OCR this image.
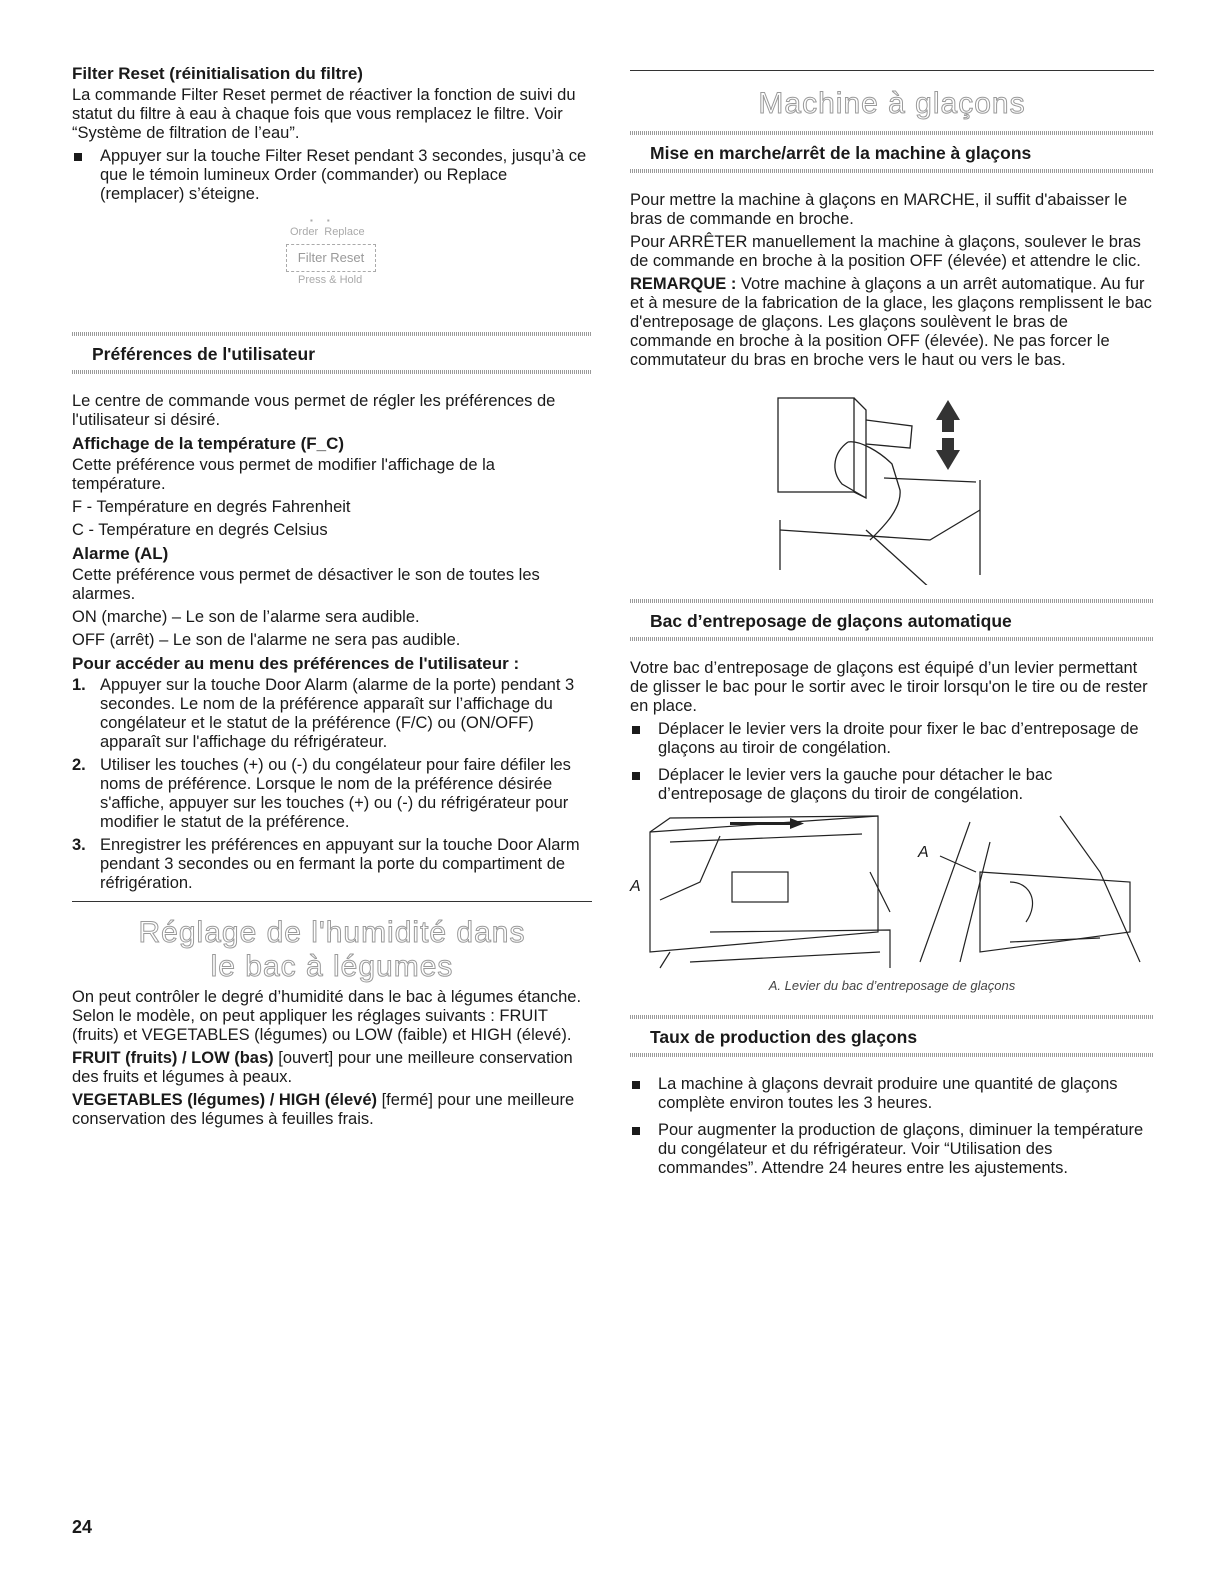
Filter Reset (réinitialisation du filtre)

La commande Filter Reset permet de réactiver la fonction de suivi du statut du filtre à eau à chaque fois que vous remplacez le filtre. Voir “Système de filtration de l’eau”.

Appuyer sur la touche Filter Reset pendant 3 secondes, jusqu’à ce que le témoin lumineux Order (commander) ou Replace (remplacer) s’éteigne.
▪▪
Order Replace
Filter Reset
Press & Hold
Préférences de l'utilisateur

Le centre de commande vous permet de régler les préférences de l'utilisateur si désiré.

Affichage de la température (F_C)

Cette préférence vous permet de modifier l'affichage de la température.

F - Température en degrés Fahrenheit

C - Température en degrés Celsius

Alarme (AL)

Cette préférence vous permet de désactiver le son de toutes les alarmes.

ON (marche) – Le son de l’alarme sera audible.

OFF (arrêt) – Le son de l'alarme ne sera pas audible.

Pour accéder au menu des préférences de l'utilisateur :
1. Appuyer sur la touche Door Alarm (alarme de la porte) pendant 3 secondes. Le nom de la préférence apparaît sur l’affichage du congélateur et le statut de la préférence (F/C) ou (ON/OFF) apparaît sur l'affichage du réfrigérateur.
2. Utiliser les touches (+) ou (-) du congélateur pour faire défiler les noms de préférence. Lorsque le nom de la préférence désirée s'affiche, appuyer sur les touches (+) ou (-) du réfrigérateur pour modifier le statut de la préférence.
3. Enregistrer les préférences en appuyant sur la touche Door Alarm pendant 3 secondes ou en fermant la porte du compartiment de réfrigération.
Réglage de l'humidité dans
le bac à légumes

On peut contrôler le degré d’humidité dans le bac à légumes étanche. Selon le modèle, on peut appliquer les réglages suivants : FRUIT (fruits) et VEGETABLES (légumes) ou LOW (faible) et HIGH (élevé).

FRUIT (fruits) / LOW (bas) [ouvert] pour une meilleure conservation des fruits et légumes à peaux.

VEGETABLES (légumes) / HIGH (élevé) [fermé] pour une meilleure conservation des légumes à feuilles frais.

Machine à glaçons
Mise en marche/arrêt de la machine à glaçons

Pour mettre la machine à glaçons en MARCHE, il suffit d'abaisser le bras de commande en broche.

Pour ARRÊTER manuellement la machine à glaçons, soulever le bras de commande en broche à la position OFF (élevée) et attendre le clic.

REMARQUE : Votre machine à glaçons a un arrêt automatique. Au fur et à mesure de la fabrication de la glace, les glaçons remplissent le bac d'entreposage de glaçons. Les glaçons soulèvent le bras de commande en broche à la position OFF (élevée). Ne pas forcer le commutateur du bras en broche vers le haut ou vers le bas.

Bac d’entreposage de glaçons automatique

Votre bac d’entreposage de glaçons est équipé d’un levier permettant de glisser le bac pour le sortir avec le tiroir lorsqu'on le tire ou de rester en place.

Déplacer le levier vers la droite pour fixer le bac d’entreposage de glaçons au tiroir de congélation.
Déplacer le levier vers la gauche pour détacher le bac d’entreposage de glaçons du tiroir de congélation.
A
A
A. Levier du bac d’entreposage de glaçons
Taux de production des glaçons
La machine à glaçons devrait produire une quantité de glaçons complète environ toutes les 3 heures.
Pour augmenter la production de glaçons, diminuer la température du congélateur et du réfrigérateur. Voir “Utilisation des commandes”. Attendre 24 heures entre les ajustements.
24
